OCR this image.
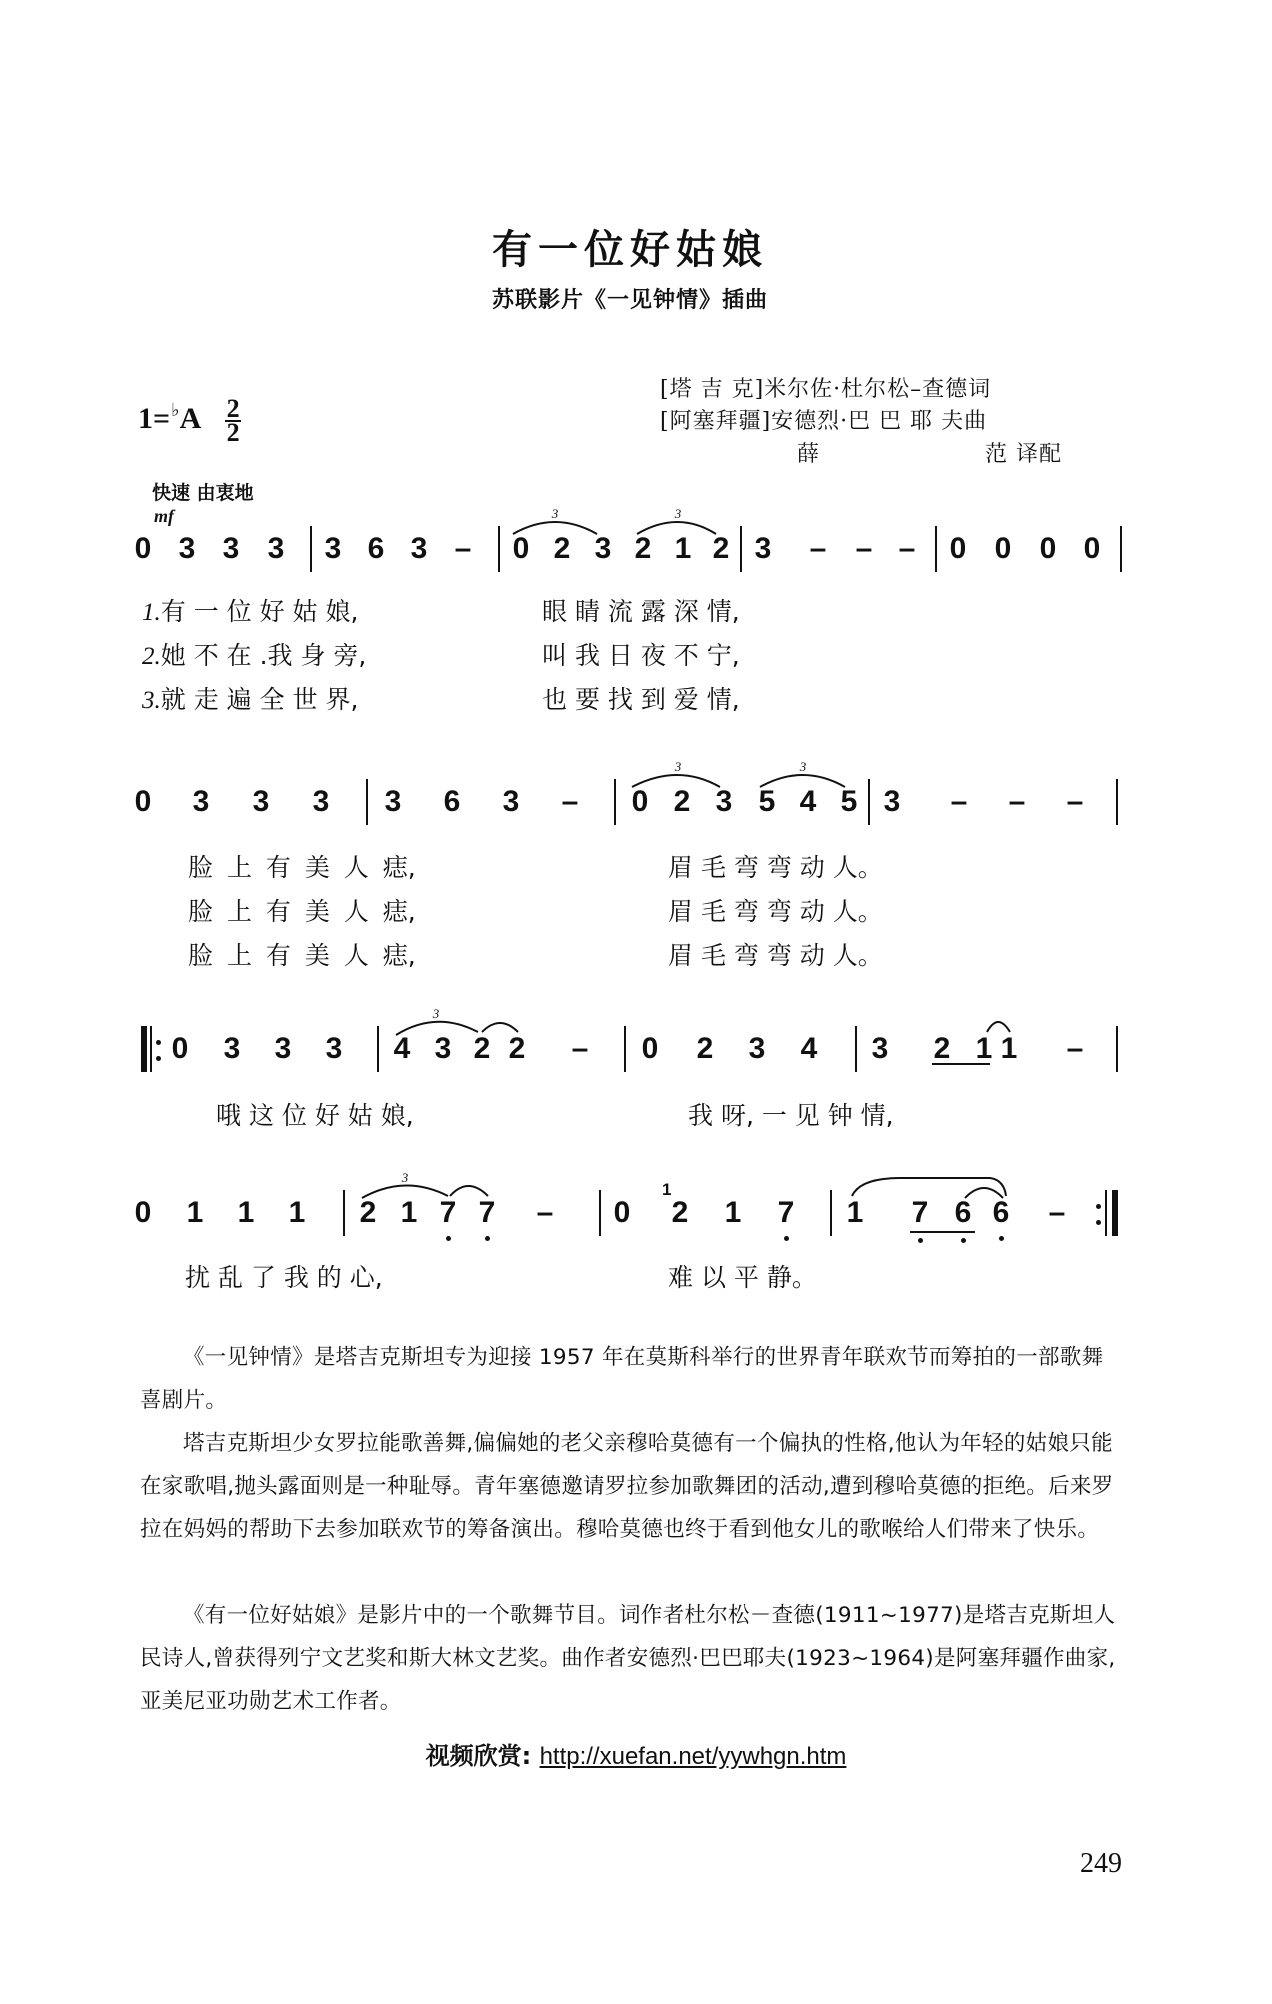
有一位好姑娘
苏联影片《一见钟情》插曲
[塔 吉 克]米尔佐·杜尔松–查德词
[阿塞拜疆]安德烈·巴 巴 耶 夫曲
薛	范 译配
$1=^♭A \frac{2}{2}$
快速 由衷地
mf
0 3 3 3 3 6 3 – 0 2 3 2 1 2 3 – – – 0 0 0 0
1.有 一 位 好 姑 娘,	眼 睛 流 露 深 情,
2.她 不 在 .我 身 旁,	叫 我 日 夜 不 宁,
3.就 走 遍 全 世 界,	也 要 找 到 爱 情,
0 3 3 3 3 6 3 – 0 2 3 5 4 5 3 – – –
脸 上 有 美 人 痣,	眉 毛 弯 弯 动 人。
脸 上 有 美 人 痣,	眉 毛 弯 弯 动 人。
脸 上 有 美 人 痣,	眉 毛 弯 弯 动 人。
0 3 3 3 4 3 2 2 – 0 2 3 4 3 2 1 1 –
哦 这 位 好 姑 娘,	我 呀, 一 见 钟 情,
0 1 1 1 2 1 7 7 – 0 2
1
1 7 1 7 6 6 –
扰 乱 了 我 的 心,	难 以 平 静。
3	3
3	3
3
3
《一见钟情》是塔吉克斯坦专为迎接 1957 年在莫斯科举行的世界青年联欢节而筹拍的一部歌舞喜剧片。
塔吉克斯坦少女罗拉能歌善舞,偏偏她的老父亲穆哈莫德有一个偏执的性格,他认为年轻的姑娘只能在家歌唱,抛头露面则是一种耻辱。青年塞德邀请罗拉参加歌舞团的活动,遭到穆哈莫德的拒绝。后来罗拉在妈妈的帮助下去参加联欢节的筹备演出。穆哈莫德也终于看到他女儿的歌喉给人们带来了快乐。
《有一位好姑娘》是影片中的一个歌舞节目。词作者杜尔松－查德(1911~1977)是塔吉克斯坦人民诗人,曾获得列宁文艺奖和斯大林文艺奖。曲作者安德烈·巴巴耶夫(1923~1964)是阿塞拜疆作曲家,亚美尼亚功勋艺术工作者。
视频欣赏: http://xuefan.net/yywhgn.htm
249
